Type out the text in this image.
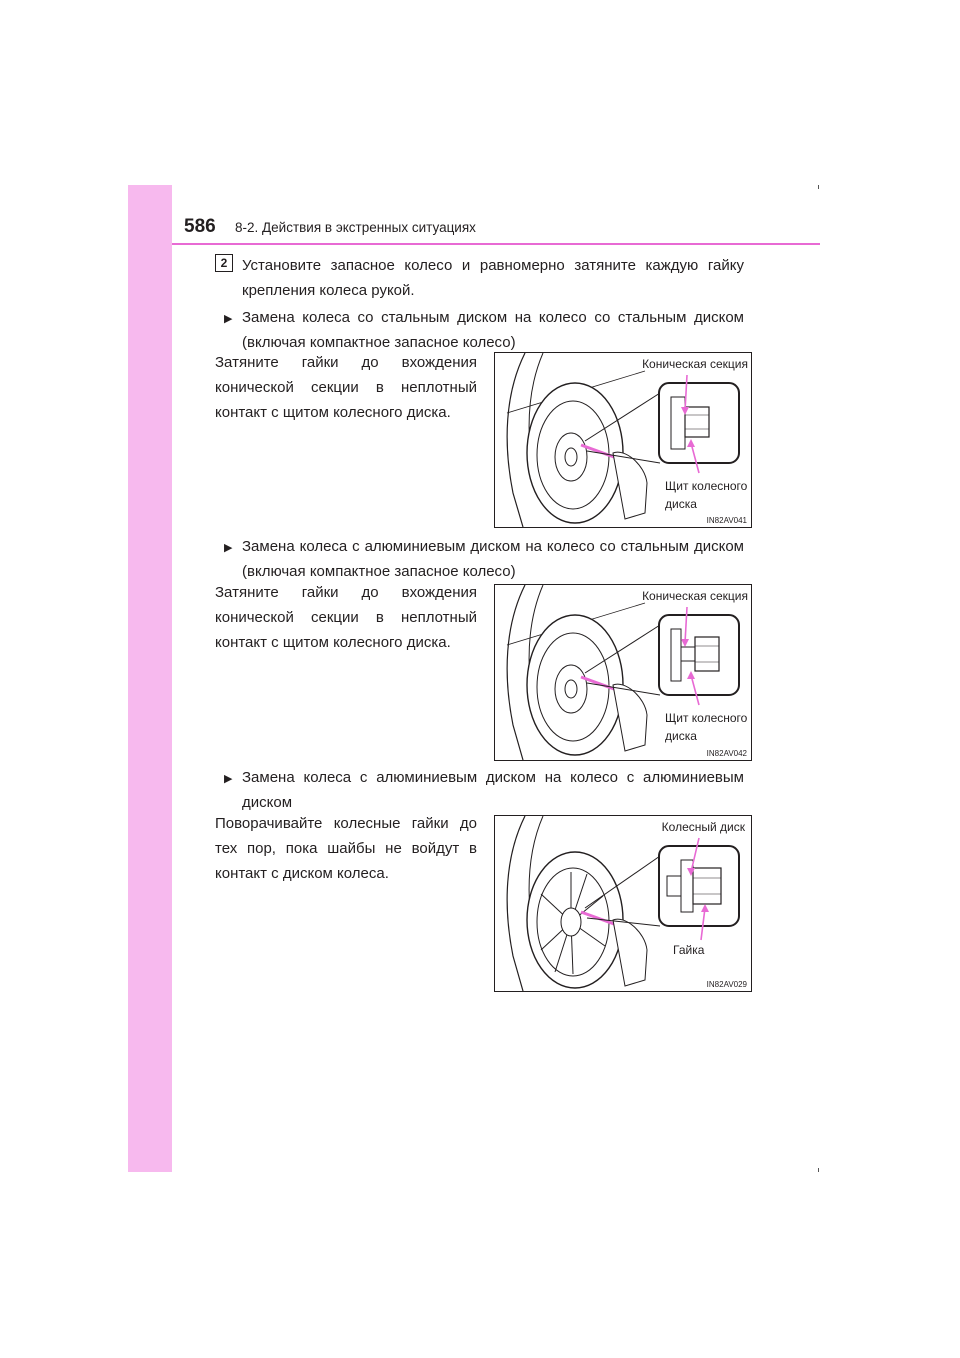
586 8-2. Действия в экстренных ситуациях
2 Установите запасное колесо и равномерно затяните каждую гайку крепления колеса рукой.
▶ Замена колеса со стальным диском на колесо со стальным диском (включая компактное запасное колесо)
Затяните гайки до вхождения конической секции в неплотный контакт с щитом колесного диска.
Коническая секция
Щит колесного
диска
IN82AV041
▶ Замена колеса с алюминиевым диском на колесо со стальным диском (включая компактное запасное колесо)
Затяните гайки до вхождения конической секции в неплотный контакт с щитом колесного диска.
Коническая секция
Щит колесного
диска
IN82AV042
▶ Замена колеса с алюминиевым диском на колесо с алюминиевым диском
Поворачивайте колесные гайки до тех пор, пока шайбы не войдут в контакт с диском колеса.
Колесный диск
Гайка
IN82AV029
